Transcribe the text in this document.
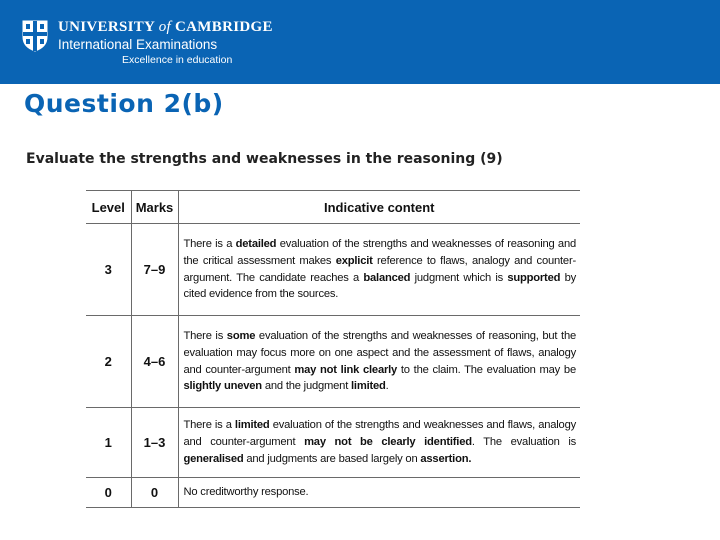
UNIVERSITY of CAMBRIDGE
International Examinations
Excellence in education
Question 2(b)

Evaluate the strengths and weaknesses in the reasoning (9)

Level	Marks	Indicative content
3	7–9	There is a detailed evaluation of the strengths and weaknesses of reasoning and the critical assessment makes explicit reference to flaws, analogy and counter-argument. The candidate reaches a balanced judgment which is supported by cited evidence from the sources.
2	4–6	There is some evaluation of the strengths and weaknesses of reasoning, but the evaluation may focus more on one aspect and the assessment of flaws, analogy and counter-argument may not link clearly to the claim. The evaluation may be slightly uneven and the judgment limited.
1	1–3	There is a limited evaluation of the strengths and weaknesses and flaws, analogy and counter-argument may not be clearly identified. The evaluation is generalised and judgments are based largely on assertion.
0	0	No creditworthy response.
